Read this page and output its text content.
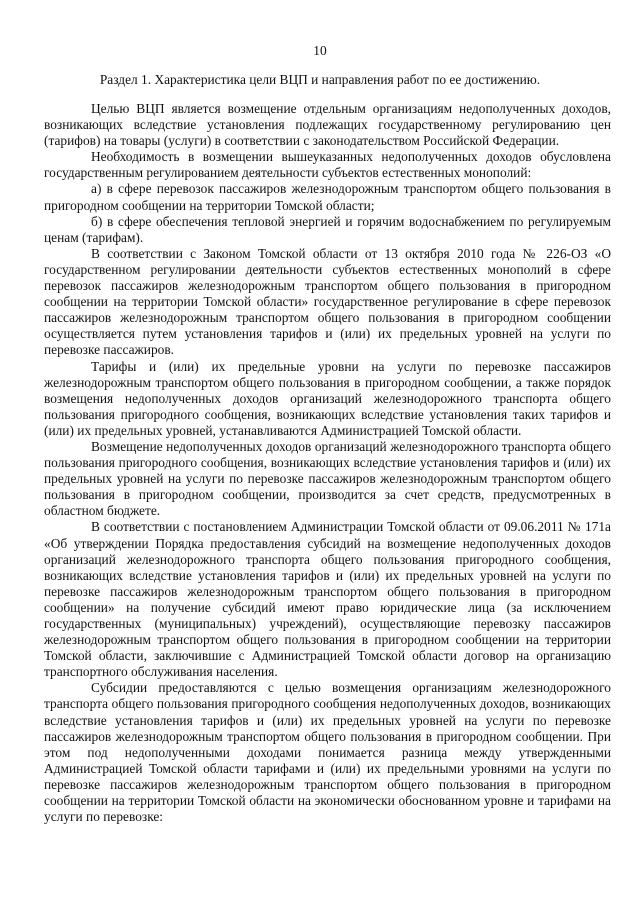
10
Раздел 1. Характеристика цели ВЦП и направления работ по ее достижению.

Целью ВЦП является возмещение отдельным организациям недополученных доходов, возникающих вследствие установления подлежащих государственному регулированию цен (тарифов) на товары (услуги) в соответствии с законодательством Российской Федерации.

Необходимость в возмещении вышеуказанных недополученных доходов обусловлена государственным регулированием деятельности субъектов естественных монополий:

а) в сфере перевозок пассажиров железнодорожным транспортом общего пользования в пригородном сообщении на территории Томской области;

б) в сфере обеспечения тепловой энергией и горячим водоснабжением по регулируемым ценам (тарифам).

В соответствии с Законом Томской области от 13 октября 2010 года № 226-ОЗ «О государственном регулировании деятельности субъектов естественных монополий в сфере перевозок пассажиров железнодорожным транспортом общего пользования в пригородном сообщении на территории Томской области» государственное регулирование в сфере перевозок пассажиров железнодорожным транспортом общего пользования в пригородном сообщении осуществляется путем установления тарифов и (или) их предельных уровней на услуги по перевозке пассажиров.

Тарифы и (или) их предельные уровни на услуги по перевозке пассажиров железнодорожным транспортом общего пользования в пригородном сообщении, а также порядок возмещения недополученных доходов организаций железнодорожного транспорта общего пользования пригородного сообщения, возникающих вследствие установления таких тарифов и (или) их предельных уровней, устанавливаются Администрацией Томской области.

Возмещение недополученных доходов организаций железнодорожного транспорта общего пользования пригородного сообщения, возникающих вследствие установления тарифов и (или) их предельных уровней на услуги по перевозке пассажиров железнодорожным транспортом общего пользования в пригородном сообщении, производится за счет средств, предусмотренных в областном бюджете.

В соответствии с постановлением Администрации Томской области от 09.06.2011 № 171а «Об утверждении Порядка предоставления субсидий на возмещение недополученных доходов организаций железнодорожного транспорта общего пользования пригородного сообщения, возникающих вследствие установления тарифов и (или) их предельных уровней на услуги по перевозке пассажиров железнодорожным транспортом общего пользования в пригородном сообщении» на получение субсидий имеют право юридические лица (за исключением государственных (муниципальных) учреждений), осуществляющие перевозку пассажиров железнодорожным транспортом общего пользования в пригородном сообщении на территории Томской области, заключившие с Администрацией Томской области договор на организацию транспортного обслуживания населения.

Субсидии предоставляются с целью возмещения организациям железнодорожного транспорта общего пользования пригородного сообщения недополученных доходов, возникающих вследствие установления тарифов и (или) их предельных уровней на услуги по перевозке пассажиров железнодорожным транспортом общего пользования в пригородном сообщении. При этом под недополученными доходами понимается разница между утвержденными Администрацией Томской области тарифами и (или) их предельными уровнями на услуги по перевозке пассажиров железнодорожным транспортом общего пользования в пригородном сообщении на территории Томской области на экономически обоснованном уровне и тарифами на услуги по перевозке:
